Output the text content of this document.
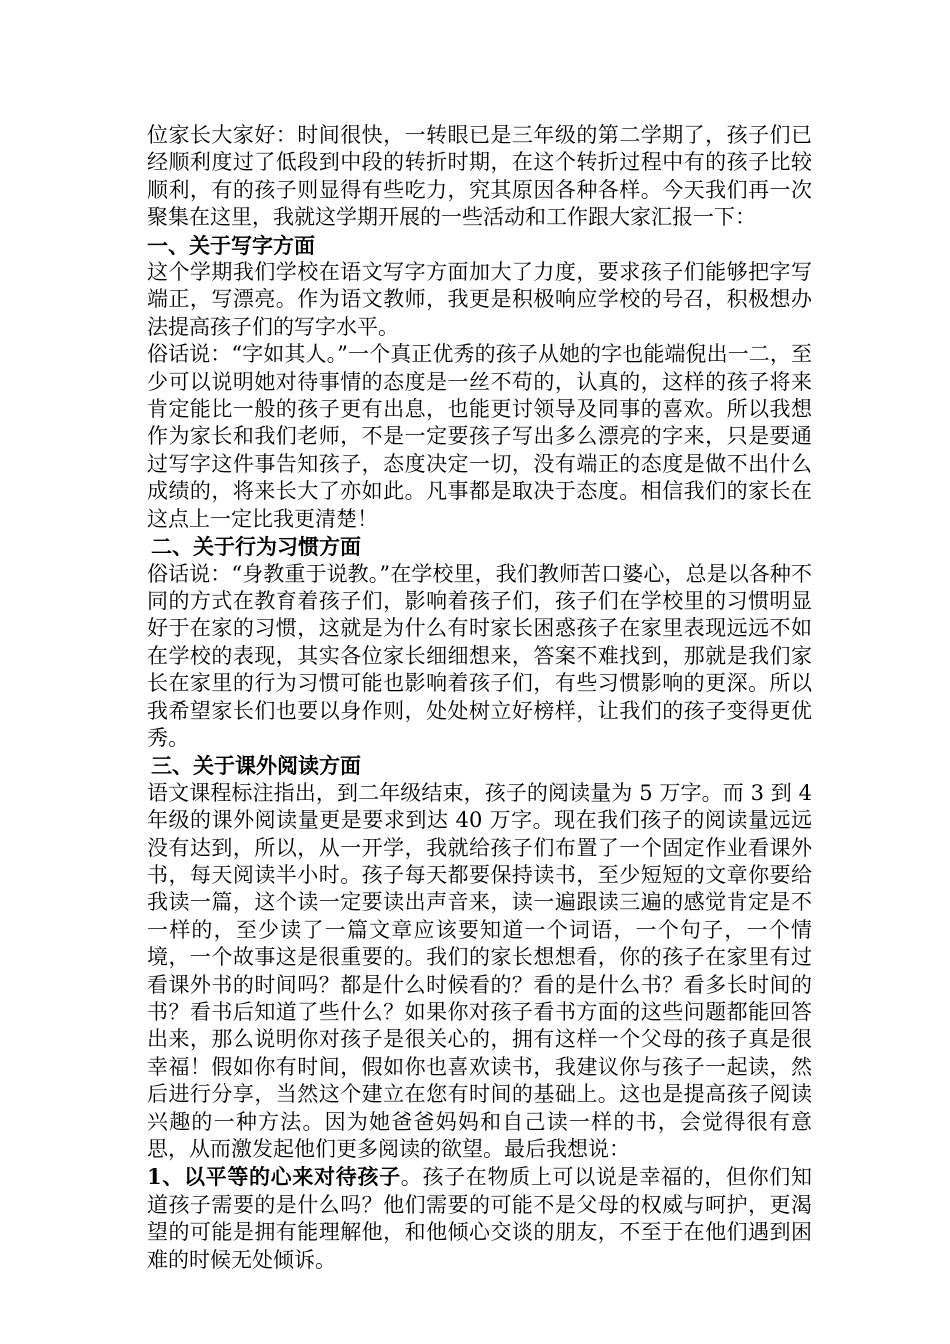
位家长大家好：时间很快，一转眼已是三年级的第二学期了，孩子们已经顺利度过了低段到中段的转折时期，在这个转折过程中有的孩子比较顺利，有的孩子则显得有些吃力，究其原因各种各样。今天我们再一次聚集在这里，我就这学期开展的一些活动和工作跟大家汇报一下：

一、关于写字方面

这个学期我们学校在语文写字方面加大了力度，要求孩子们能够把字写端正，写漂亮。作为语文教师，我更是积极响应学校的号召，积极想办法提高孩子们的写字水平。

俗话说：“字如其人。”一个真正优秀的孩子从她的字也能端倪出一二，至少可以说明她对待事情的态度是一丝不苟的，认真的，这样的孩子将来肯定能比一般的孩子更有出息，也能更讨领导及同事的喜欢。所以我想作为家长和我们老师，不是一定要孩子写出多么漂亮的字来，只是要通过写字这件事告知孩子，态度决定一切，没有端正的态度是做不出什么成绩的，将来长大了亦如此。凡事都是取决于态度。相信我们的家长在这点上一定比我更清楚！

二、关于行为习惯方面

俗话说：“身教重于说教。”在学校里，我们教师苦口婆心，总是以各种不同的方式在教育着孩子们，影响着孩子们，孩子们在学校里的习惯明显好于在家的习惯，这就是为什么有时家长困惑孩子在家里表现远远不如在学校的表现，其实各位家长细细想来，答案不难找到，那就是我们家长在家里的行为习惯可能也影响着孩子们，有些习惯影响的更深。所以我希望家长们也要以身作则，处处树立好榜样，让我们的孩子变得更优秀。

三、关于课外阅读方面

语文课程标注指出，到二年级结束，孩子的阅读量为 5 万字。而 3 到 4 年级的课外阅读量更是要求到达 40 万字。现在我们孩子的阅读量远远没有达到，所以，从一开学，我就给孩子们布置了一个固定作业看课外书，每天阅读半小时。孩子每天都要保持读书，至少短短的文章你要给我读一篇，这个读一定要读出声音来，读一遍跟读三遍的感觉肯定是不一样的，至少读了一篇文章应该要知道一个词语，一个句子，一个情境，一个故事这是很重要的。我们的家长想想看，你的孩子在家里有过看课外书的时间吗？都是什么时候看的？看的是什么书？看多长时间的书？看书后知道了些什么？如果你对孩子看书方面的这些问题都能回答出来，那么说明你对孩子是很关心的，拥有这样一个父母的孩子真是很幸福！假如你有时间，假如你也喜欢读书，我建议你与孩子一起读，然后进行分享，当然这个建立在您有时间的基础上。这也是提高孩子阅读兴趣的一种方法。因为她爸爸妈妈和自己读一样的书，会觉得很有意思，从而激发起他们更多阅读的欲望。最后我想说：

1、以平等的心来对待孩子。孩子在物质上可以说是幸福的，但你们知道孩子需要的是什么吗？他们需要的可能不是父母的权威与呵护，更渴望的可能是拥有能理解他，和他倾心交谈的朋友，不至于在他们遇到困难的时候无处倾诉。
